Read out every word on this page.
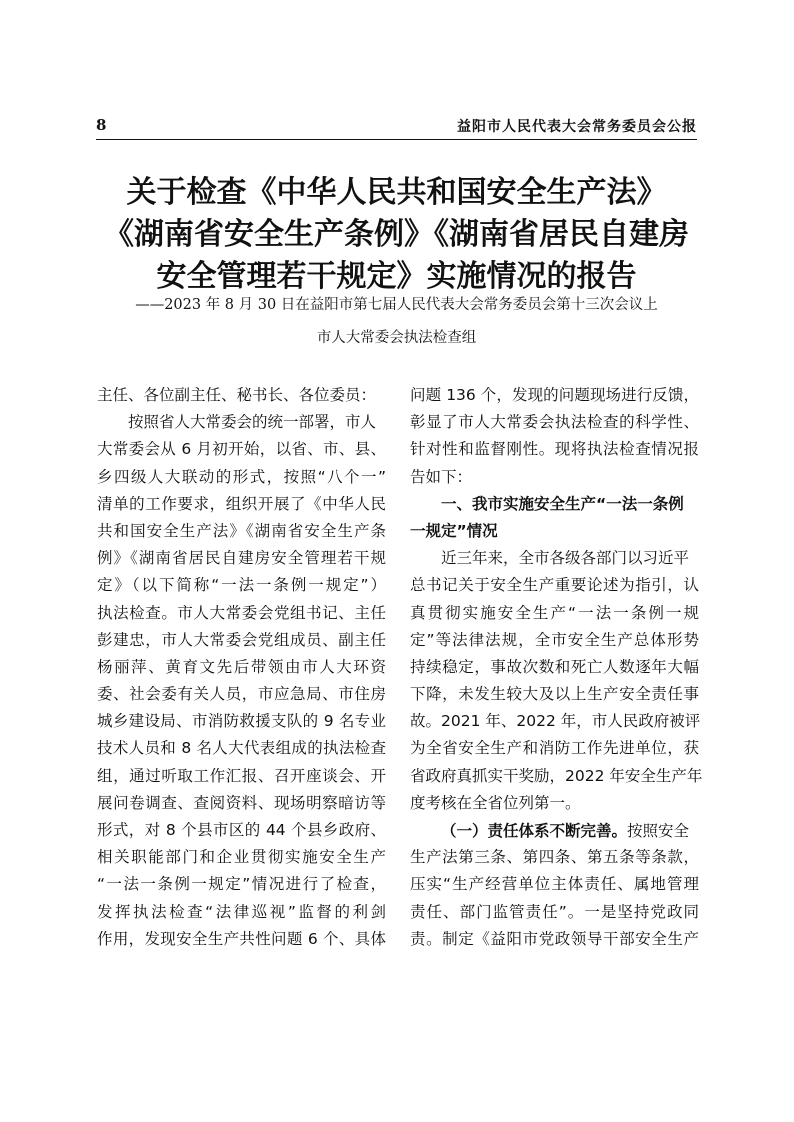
8	益阳市人民代表大会常务委员会公报
关于检查《中华人民共和国安全生产法》
《湖南省安全生产条例》《湖南省居民自建房
安全管理若干规定》实施情况的报告
——2023 年 8 月 30 日在益阳市第七届人民代表大会常务委员会第十三次会议上
市人大常委会执法检查组
主任、各位副主任、秘书长、各位委员：
按照省人大常委会的统一部署，市人
大常委会从 6 月初开始，以省、市、县、
乡四级人大联动的形式，按照“八个一”
清单的工作要求，组织开展了《中华人民
共和国安全生产法》《湖南省安全生产条
例》《湖南省居民自建房安全管理若干规
定》（以下简称“一法一条例一规定”）
执法检查。市人大常委会党组书记、主任
彭建忠，市人大常委会党组成员、副主任
杨丽萍、黄育文先后带领由市人大环资
委、社会委有关人员，市应急局、市住房
城乡建设局、市消防救援支队的 9 名专业
技术人员和 8 名人大代表组成的执法检查
组，通过听取工作汇报、召开座谈会、开
展问卷调查、查阅资料、现场明察暗访等
形式，对 8 个县市区的 44 个县乡政府、
相关职能部门和企业贯彻实施安全生产
“一法一条例一规定”情况进行了检查，
发挥执法检查“法律巡视”监督的利剑
作用，发现安全生产共性问题 6 个、具体
问题 136 个，发现的问题现场进行反馈，
彰显了市人大常委会执法检查的科学性、
针对性和监督刚性。现将执法检查情况报
告如下：
一、我市实施安全生产“一法一条例
一规定”情况
近三年来，全市各级各部门以习近平
总书记关于安全生产重要论述为指引，认
真贯彻实施安全生产“一法一条例一规
定”等法律法规，全市安全生产总体形势
持续稳定，事故次数和死亡人数逐年大幅
下降，未发生较大及以上生产安全责任事
故。2021 年、2022 年，市人民政府被评
为全省安全生产和消防工作先进单位，获
省政府真抓实干奖励，2022 年安全生产年
度考核在全省位列第一。
（一）责任体系不断完善。按照安全
生产法第三条、第四条、第五条等条款，
压实“生产经营单位主体责任、属地管理
责任、部门监管责任”。一是坚持党政同
责。制定《益阳市党政领导干部安全生产
